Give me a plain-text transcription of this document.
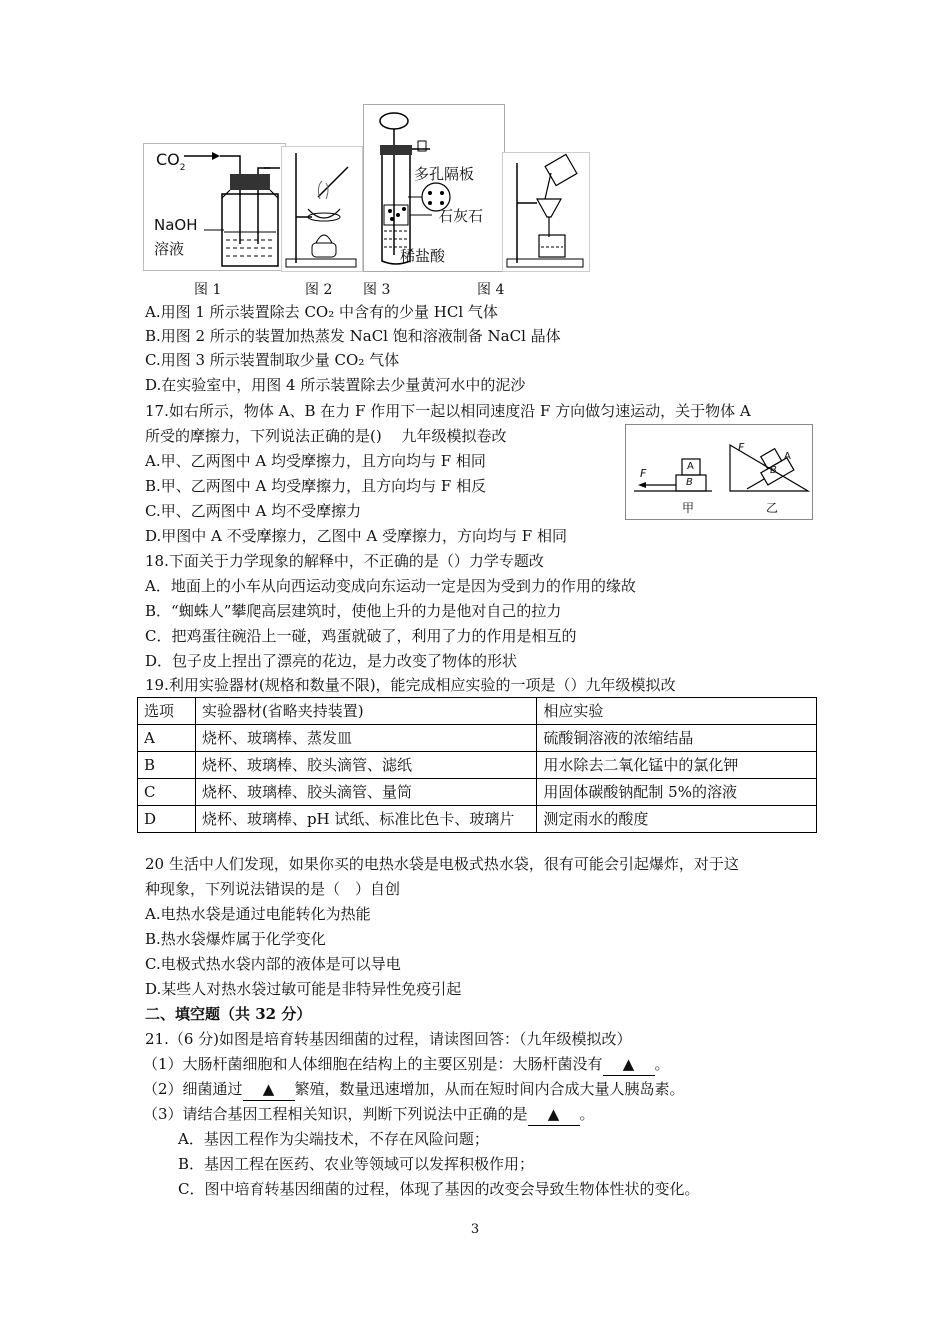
$CO_2$
NaOH
溶液
多孔隔板
石灰石
稀盐酸
图 1	图 2 图 3	图 4
A.用图 1 所示装置除去 CO₂ 中含有的少量 HCl 气体
B.用图 2 所示的装置加热蒸发 NaCl 饱和溶液制备 NaCl 晶体
C.用图 3 所示装置制取少量 CO₂ 气体
D.在实验室中，用图 4 所示装置除去少量黄河水中的泥沙
17.如右所示，物体 A、B 在力 F 作用下一起以相同速度沿 F 方向做匀速运动，关于物体 A
所受的摩擦力，下列说法正确的是()　 九年级模拟卷改
A.甲、乙两图中 A 均受摩擦力，且方向均与 F 相同
B.甲、乙两图中 A 均受摩擦力，且方向均与 F 相反
C.甲、乙两图中 A 均不受摩擦力
D.甲图中 A 不受摩擦力，乙图中 A 受摩擦力，方向均与 F 相同
F
A
B
F
A
B
甲	乙
18.下面关于力学现象的解释中，不正确的是（）力学专题改
A．地面上的小车从向西运动变成向东运动一定是因为受到力的作用的缘故
B．“蜘蛛人”攀爬高层建筑时，使他上升的力是他对自己的拉力
C．把鸡蛋往碗沿上一碰，鸡蛋就破了，利用了力的作用是相互的
D．包子皮上捏出了漂亮的花边，是力改变了物体的形状
19.利用实验器材(规格和数量不限)，能完成相应实验的一项是（）九年级模拟改
选项	实验器材(省略夹持装置)	相应实验
A	烧杯、玻璃棒、蒸发皿	硫酸铜溶液的浓缩结晶
B	烧杯、玻璃棒、胶头滴管、滤纸	用水除去二氧化锰中的氯化钾
C	烧杯、玻璃棒、胶头滴管、量筒	用固体碳酸钠配制 5%的溶液
D	烧杯、玻璃棒、pH 试纸、标准比色卡、玻璃片	测定雨水的酸度
20 生活中人们发现，如果你买的电热水袋是电极式热水袋，很有可能会引起爆炸，对于这
种现象，下列说法错误的是（　）自创
A.电热水袋是通过电能转化为热能
B.热水袋爆炸属于化学变化
C.电极式热水袋内部的液体是可以导电
D.某些人对热水袋过敏可能是非特异性免疫引起
二、填空题（共 32 分）
21.（6 分)如图是培育转基因细菌的过程，请读图回答：（九年级模拟改）
（1）大肠杆菌细胞和人体细胞在结构上的主要区别是：大肠杆菌没有 ▲ 。
（2）细菌通过 ▲ 繁殖，数量迅速增加，从而在短时间内合成大量人胰岛素。
（3）请结合基因工程相关知识，判断下列说法中正确的是 ▲ 。
A．基因工程作为尖端技术，不存在风险问题；
B．基因工程在医药、农业等领域可以发挥积极作用；
C．图中培育转基因细菌的过程，体现了基因的改变会导致生物体性状的变化。
3
